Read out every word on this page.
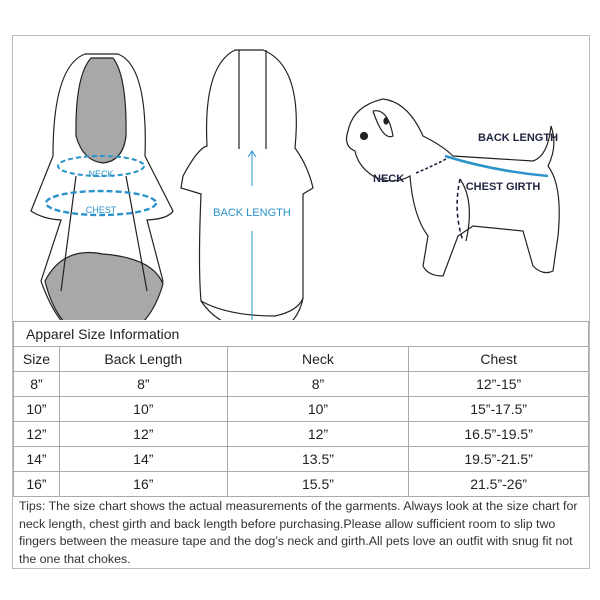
NECK
CHEST	BACK LENGTH
BACK LENGTH
NECK
CHEST GIRTH
Apparel Size Information			
Size	Back Length	Neck	Chest
8”	8”	8”	12”-15”
10”	10”	10”	15”-17.5”
12”	12”	12”	16.5”-19.5”
14”	14”	13.5”	19.5”-21.5”
16”	16”	15.5”	21.5”-26”
Tips: The size chart shows the actual measurements of the garments. Always look at the size chart for neck length, chest girth and back length before purchasing.Please allow sufficient room to slip two fingers between the measure tape and the dog’s neck and girth.All pets love an outfit with snug fit not the one that chokes.
